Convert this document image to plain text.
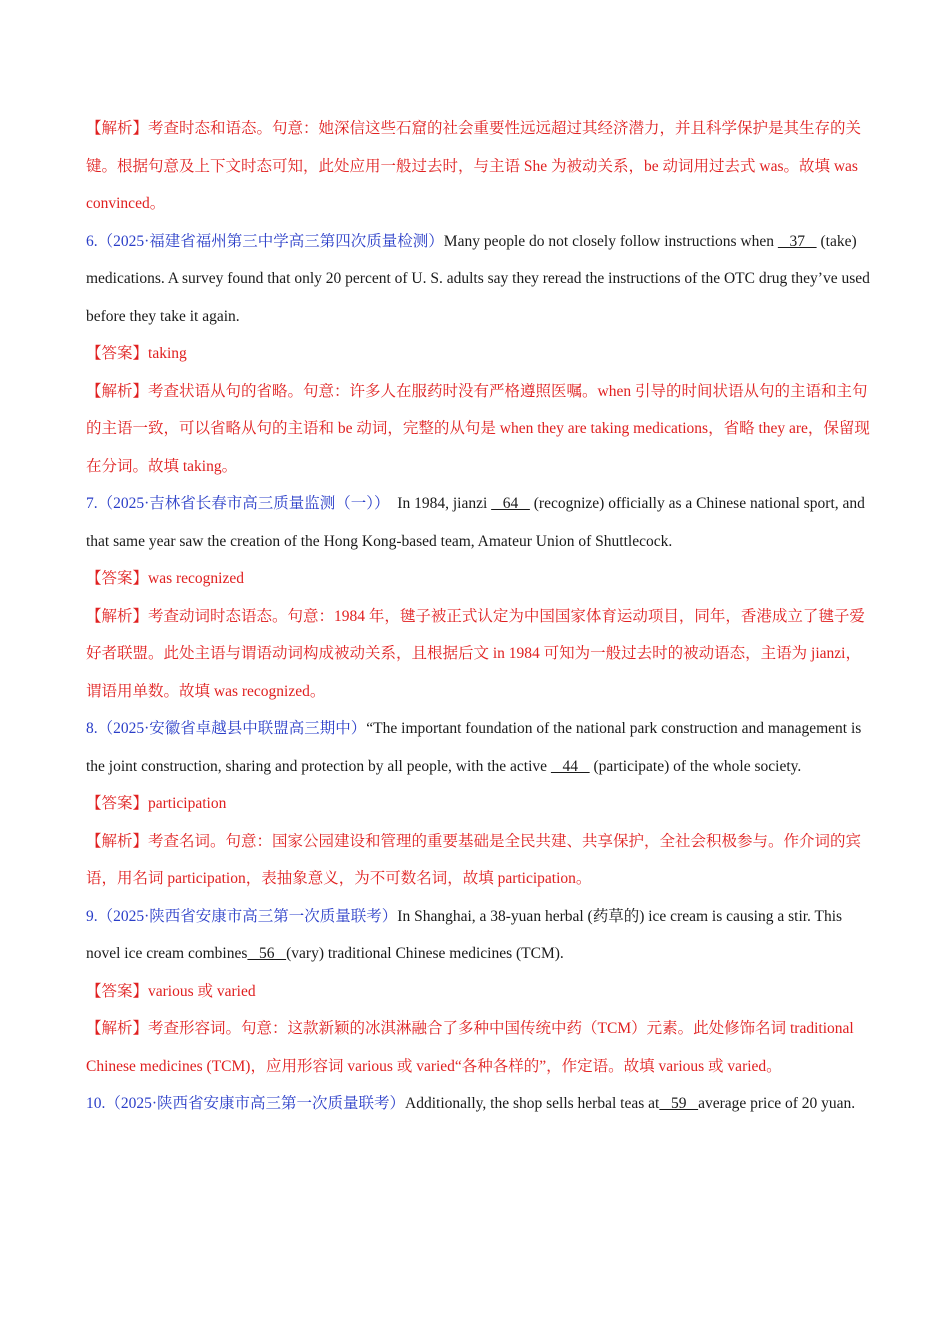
【解析】考查时态和语态。句意：她深信这些石窟的社会重要性远远超过其经济潜力，并且科学保护是其生存的关键。根据句意及上下文时态可知，此处应用一般过去时，与主语 She 为被动关系，be 动词用过去式 was。故填 was convinced。

6.（2025·福建省福州第三中学高三第四次质量检测）Many people do not closely follow instructions when    37    (take) medications. A survey found that only 20 percent of U. S. adults say they reread the instructions of the OTC drug they’ve used before they take it again.

【答案】taking

【解析】考查状语从句的省略。句意：许多人在服药时没有严格遵照医嘱。when 引导的时间状语从句的主语和主句的主语一致，可以省略从句的主语和 be 动词，完整的从句是 when they are taking medications，省略 they are，保留现在分词。故填 taking。

7.（2025·吉林省长春市高三质量监测（一））  In 1984, jianzi    64    (recognize) officially as a Chinese national sport, and that same year saw the creation of the Hong Kong-based team, Amateur Union of Shuttlecock.

【答案】was recognized

【解析】考查动词时态语态。句意：1984 年，毽子被正式认定为中国国家体育运动项目，同年，香港成立了毽子爱好者联盟。此处主语与谓语动词构成被动关系，且根据后文 in 1984 可知为一般过去时的被动语态，主语为 jianzi，谓语用单数。故填 was recognized。

8.（2025·安徽省卓越县中联盟高三期中）“The important foundation of the national park construction and management is the joint construction, sharing and protection by all people, with the active    44    (participate) of the whole society.

【答案】participation

【解析】考查名词。句意：国家公园建设和管理的重要基础是全民共建、共享保护，全社会积极参与。作介词的宾语，用名词 participation，表抽象意义，为不可数名词，故填 participation。

9.（2025·陕西省安康市高三第一次质量联考）In Shanghai, a 38-yuan herbal (药草的) ice cream is causing a stir. This novel ice cream combines   56   (vary) traditional Chinese medicines (TCM).

【答案】various 或 varied

【解析】考查形容词。句意：这款新颖的冰淇淋融合了多种中国传统中药（TCM）元素。此处修饰名词 traditional Chinese medicines (TCM)，应用形容词 various 或 varied“各种各样的”，作定语。故填 various 或 varied。

10.（2025·陕西省安康市高三第一次质量联考）Additionally, the shop sells herbal teas at   59   average price of 20 yuan.
